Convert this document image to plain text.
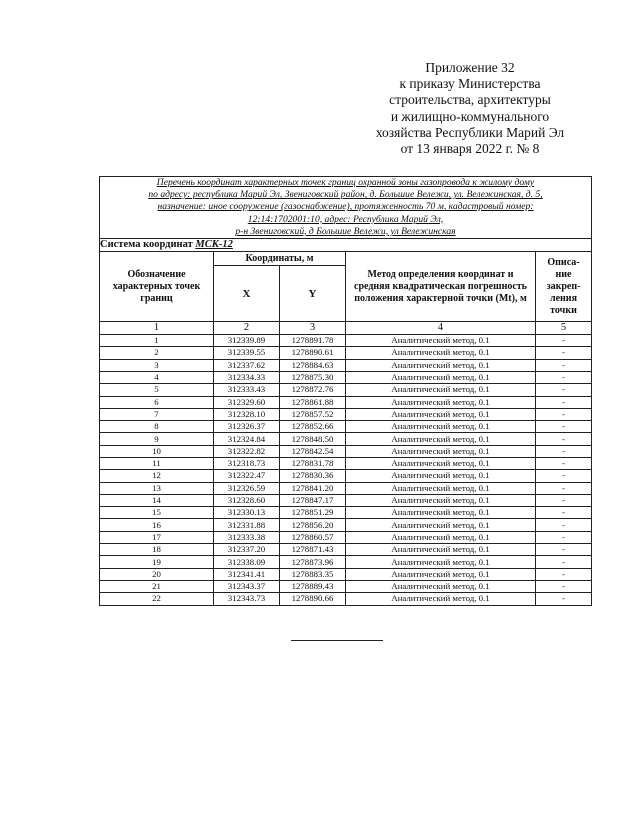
Приложение 32
к приказу Министерства
строительства, архитектуры
и жилищно-коммунального
хозяйства Республики Марий Эл
от 13 января 2022 г. № 8
Перечень координат характерных точек границ охранной зоны газопровода к жилому дому
по адресу: республика Марий Эл, Звениговский район, д. Большие Вележи, ул. Вележинская, д. 5,
назначение: иное сооружение (газоснабжение), протяженность 70 м, кадастровый номер:
12:14:1702001:10, адрес: Республика Марий Эл,
р-н Звениговский, д Большие Вележи, ул Вележинская				

Система координат МСК-12				
Обозначение характерных точек границ	Координаты, м		Метод определения координат и средняя квадратическая погрешность положения характерной точки (Mt), м	Описа-ние закреп-ления точки
	X	Y		
1	2	3	4	5
1	312339.89	1278891.78	Аналитический метод, 0.1	-
2	312339.55	1278890.61	Аналитический метод, 0.1	-
3	312337.62	1278884.63	Аналитический метод, 0.1	-
4	312334.33	1278875.30	Аналитический метод, 0.1	-
5	312333.43	1278872.76	Аналитический метод, 0.1	-
6	312329.60	1278861.88	Аналитический метод, 0.1	-
7	312328.10	1278857.52	Аналитический метод, 0.1	-
8	312326.37	1278852.66	Аналитический метод, 0.1	-
9	312324.84	1278848.50	Аналитический метод, 0.1	-
10	312322.82	1278842.54	Аналитический метод, 0.1	-
11	312318.73	1278831.78	Аналитический метод, 0.1	-
12	312322.47	1278830.36	Аналитический метод, 0.1	-
13	312326.59	1278841.20	Аналитический метод, 0.1	-
14	312328.60	1278847.17	Аналитический метод, 0.1	-
15	312330.13	1278851.29	Аналитический метод, 0.1	-
16	312331.88	1278856.20	Аналитический метод, 0.1	-
17	312333.38	1278860.57	Аналитический метод, 0.1	-
18	312337.20	1278871.43	Аналитический метод, 0.1	-
19	312338.09	1278873.96	Аналитический метод, 0.1	-
20	312341.41	1278883.35	Аналитический метод, 0.1	-
21	312343.37	1278889.43	Аналитический метод, 0.1	-
22	312343.73	1278890.66	Аналитический метод, 0.1	-
